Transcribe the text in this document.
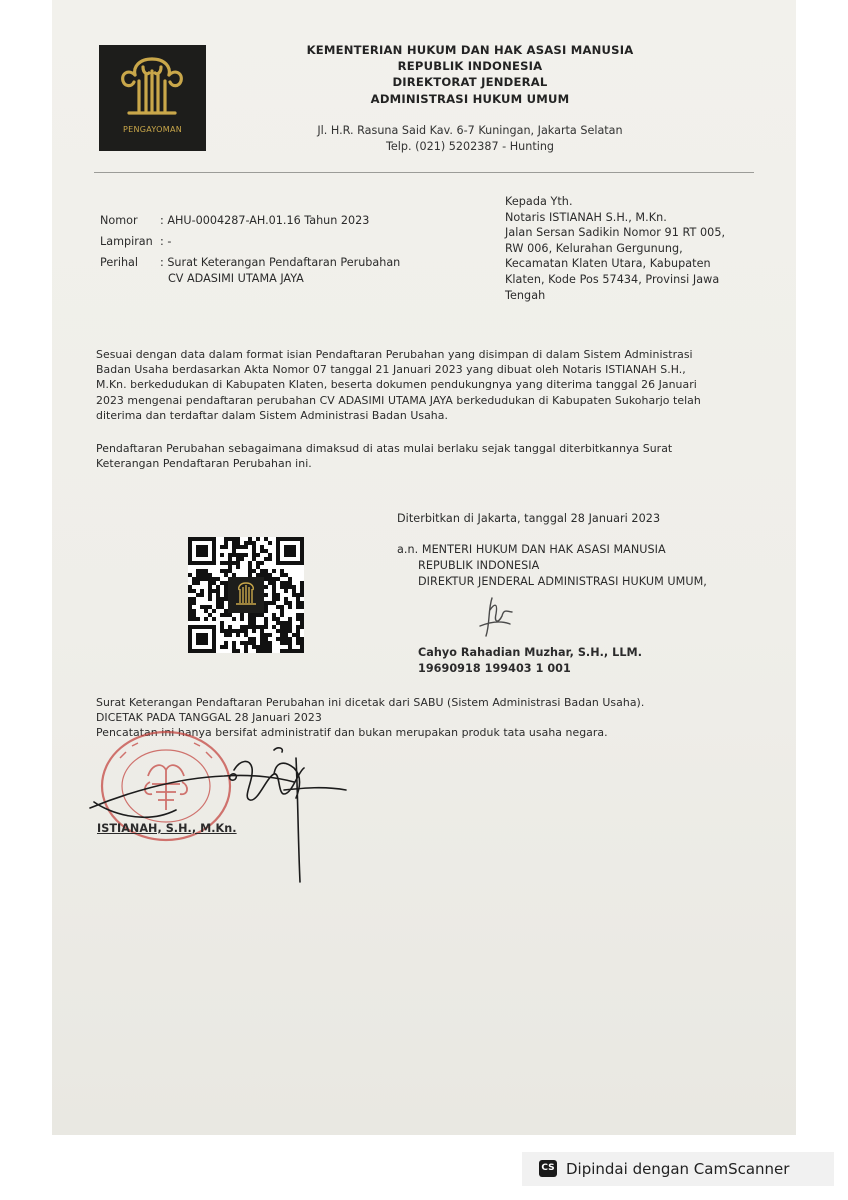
PENGAYOMAN
KEMENTERIAN HUKUM DAN HAK ASASI MANUSIA
REPUBLIK INDONESIA
DIREKTORAT JENDERAL
ADMINISTRASI HUKUM UMUM
Jl. H.R. Rasuna Said Kav. 6-7 Kuningan, Jakarta Selatan
Telp. (021) 5202387 - Hunting
Nomor : AHU-0004287-AH.01.16 Tahun 2023
Lampiran : -
Perihal : Surat Keterangan Pendaftaran Perubahan
CV ADASIMI UTAMA JAYA
Kepada Yth.
Notaris ISTIANAH S.H., M.Kn.
Jalan Sersan Sadikin Nomor 91 RT 005,
RW 006, Kelurahan Gergunung,
Kecamatan Klaten Utara, Kabupaten
Klaten, Kode Pos 57434, Provinsi Jawa
Tengah

Sesuai dengan data dalam format isian Pendaftaran Perubahan yang disimpan di dalam Sistem Administrasi

Badan Usaha berdasarkan Akta Nomor 07 tanggal 21 Januari 2023 yang dibuat oleh Notaris ISTIANAH S.H.,

M.Kn. berkedudukan di Kabupaten Klaten, beserta dokumen pendukungnya yang diterima tanggal 26 Januari

2023 mengenai pendaftaran perubahan CV ADASIMI UTAMA JAYA berkedudukan di Kabupaten Sukoharjo telah

diterima dan terdaftar dalam Sistem Administrasi Badan Usaha.

Pendaftaran Perubahan sebagaimana dimaksud di atas mulai berlaku sejak tanggal diterbitkannya Surat

Keterangan Pendaftaran Perubahan ini.

Diterbitkan di Jakarta, tanggal 28 Januari 2023
a.n. MENTERI HUKUM DAN HAK ASASI MANUSIA
REPUBLIK INDONESIA
DIREKTUR JENDERAL ADMINISTRASI HUKUM UMUM,
Cahyo Rahadian Muzhar, S.H., LLM.
19690918 199403 1 001
Surat Keterangan Pendaftaran Perubahan ini dicetak dari SABU (Sistem Administrasi Badan Usaha).
DICETAK PADA TANGGAL 28 Januari 2023
Pencatatan ini hanya bersifat administratif dan bukan merupakan produk tata usaha negara.
ISTIANAH, S.H., M.Kn.
CS Dipindai dengan CamScanner
